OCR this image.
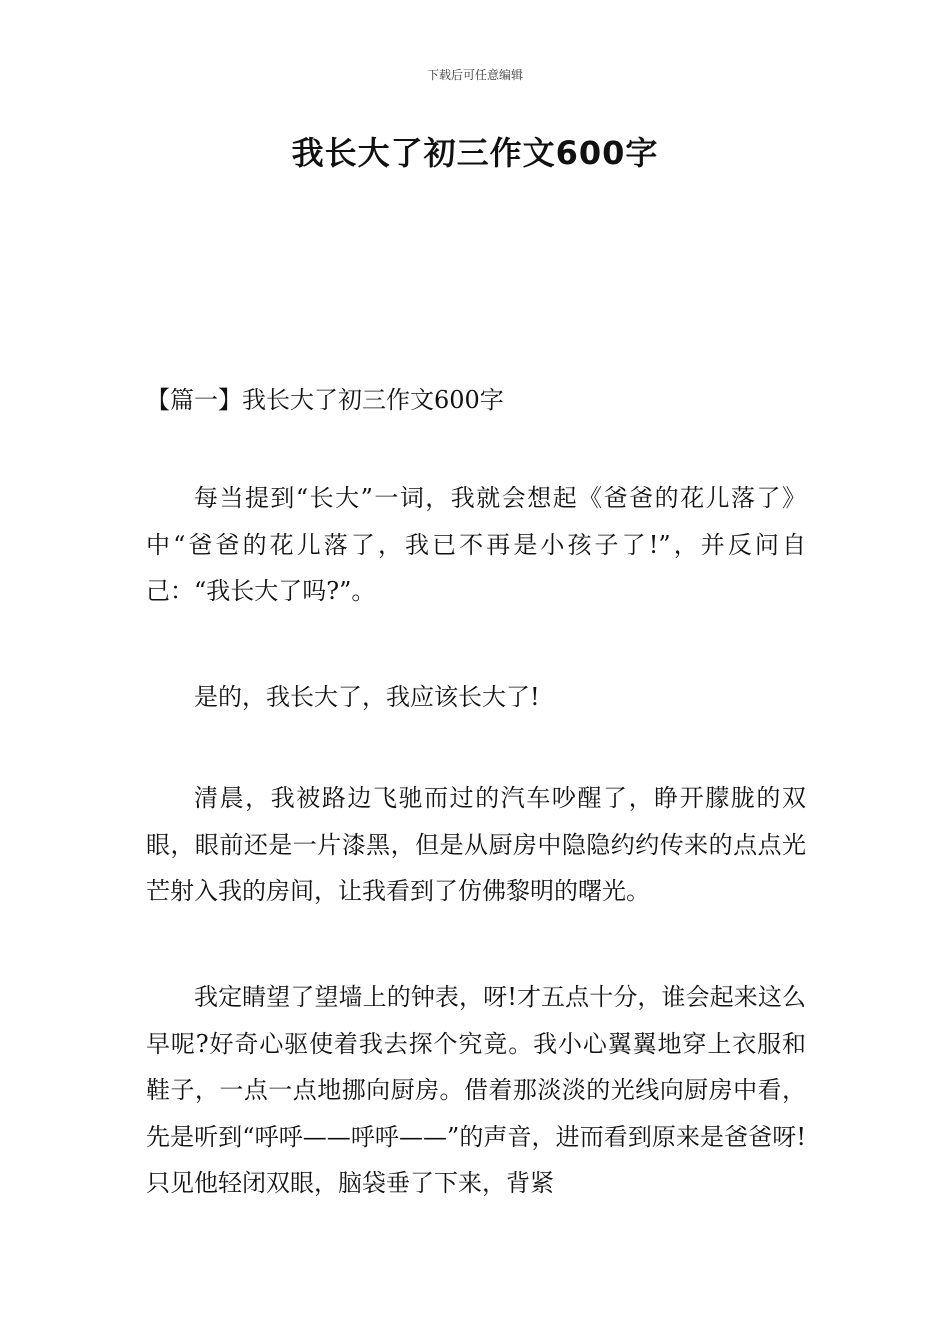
下载后可任意编辑
我长大了初三作文600字

【篇一】我长大了初三作文600字

每当提到“长大”一词，我就会想起《爸爸的花儿落了》中“爸爸的花儿落了，我已不再是小孩子了!”，并反问自己：“我长大了吗?”。

是的，我长大了，我应该长大了!

清晨，我被路边飞驰而过的汽车吵醒了，睁开朦胧的双眼，眼前还是一片漆黑，但是从厨房中隐隐约约传来的点点光芒射入我的房间，让我看到了仿佛黎明的曙光。

我定睛望了望墙上的钟表，呀!才五点十分，谁会起来这么早呢?好奇心驱使着我去探个究竟。我小心翼翼地穿上衣服和鞋子，一点一点地挪向厨房。借着那淡淡的光线向厨房中看，先是听到“呼呼——呼呼——”的声音，进而看到原来是爸爸呀!只见他轻闭双眼，脑袋垂了下来，背紧
